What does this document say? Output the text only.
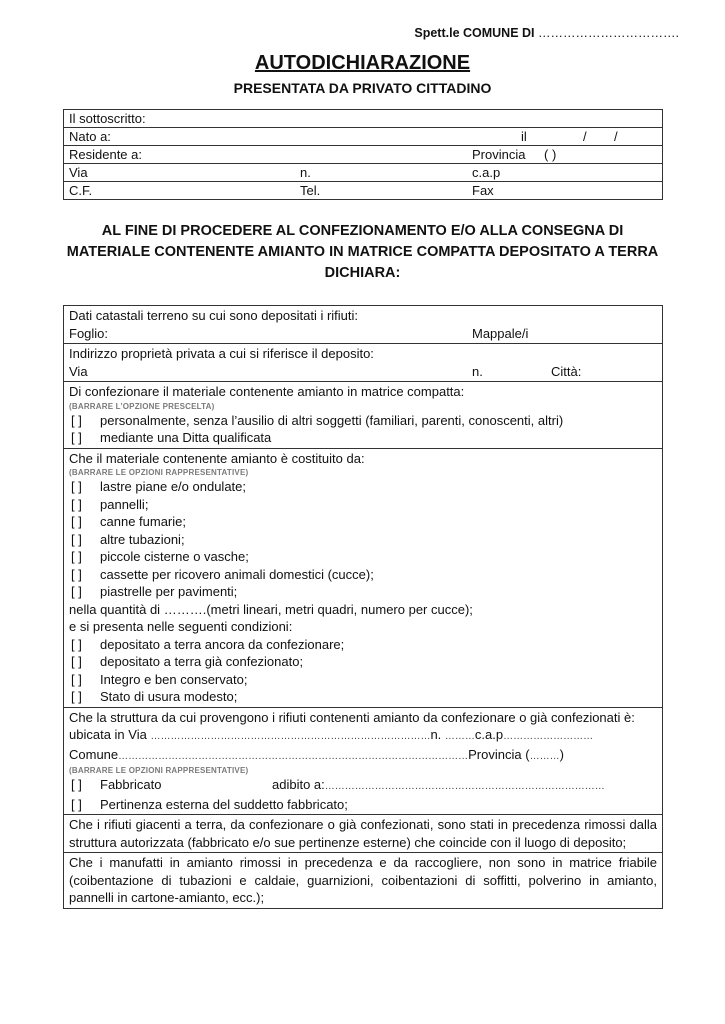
Spett.le COMUNE DI …………………………….
AUTODICHIARAZIONE
PRESENTATA DA PRIVATO CITTADINO
Il sottoscritto:

Nato a:	il	/ /

Residente a:	Provincia ( )

Via	n.	c.a.p

C.F.	Tel.	Fax
AL FINE DI PROCEDERE AL CONFEZIONAMENTO E/O ALLA CONSEGNA DI MATERIALE CONTENENTE AMIANTO IN MATRICE COMPATTA DEPOSITATO A TERRA DICHIARA:
Dati catastali terreno su cui sono depositati i rifiuti:
Foglio:	Mappale/i
Indirizzo proprietà privata a cui si riferisce il deposito:
Via	n.	Città:
Di confezionare il materiale contenente amianto in matrice compatta:
(BARRARE L’OPZIONE PRESCELTA)
[ ] personalmente, senza l’ausilio di altri soggetti (familiari, parenti, conoscenti, altri)
[ ] mediante una Ditta qualificata
Che il materiale contenente amianto è costituito da:
(BARRARE LE OPZIONI RAPPRESENTATIVE)
[ ] lastre piane e/o ondulate;
[ ] pannelli;
[ ] canne fumarie;
[ ] altre tubazioni;
[ ] piccole cisterne o vasche;
[ ] cassette per ricovero animali domestici (cucce);
[ ] piastrelle per pavimenti;
nella quantità di ……….(metri lineari, metri quadri, numero per cucce);
e si presenta nelle seguenti condizioni:
[ ] depositato a terra ancora da confezionare;
[ ] depositato a terra già confezionato;
[ ] Integro e ben conservato;
[ ] Stato di usura modesto;
Che la struttura da cui provengono i rifiuti contenenti amianto da confezionare o già confezionati è:
ubicata in Via …………………………………………………………………………n. ………c.a.p………………………
Comune……………………………………………………………………………………………Provincia (………)
(BARRARE LE OPZIONI RAPPRESENTATIVE)
[ ] Fabbricato	adibito a:…………………………………………………………………………
[ ] Pertinenza esterna del suddetto fabbricato;
Che i rifiuti giacenti a terra, da confezionare o già confezionati, sono stati in precedenza rimossi dalla struttura autorizzata (fabbricato e/o sue pertinenze esterne) che coincide con il luogo di deposito;
Che i manufatti in amianto rimossi in precedenza e da raccogliere, non sono in matrice friabile (coibentazione di tubazioni e caldaie, guarnizioni, coibentazioni di soffitti, polverino in amianto, pannelli in cartone-amianto, ecc.);
